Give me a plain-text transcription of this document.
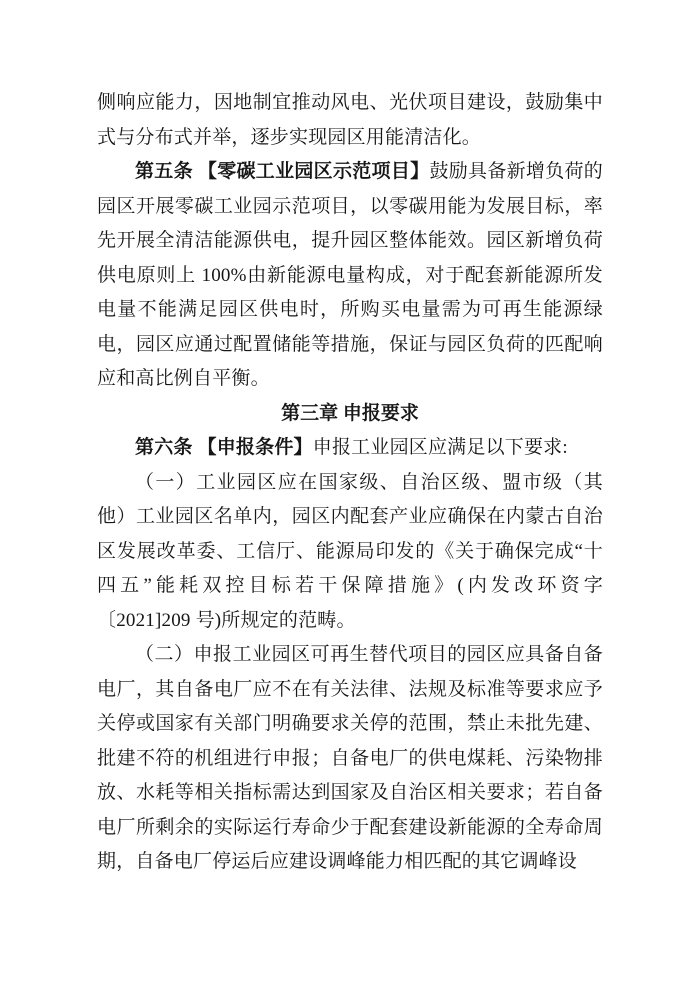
侧响应能力，因地制宜推动风电、光伏项目建设，鼓励集中式与分布式并举，逐步实现园区用能清洁化。

第五条 【零碳工业园区示范项目】鼓励具备新增负荷的园区开展零碳工业园示范项目，以零碳用能为发展目标，率先开展全清洁能源供电，提升园区整体能效。园区新增负荷供电原则上 100%由新能源电量构成，对于配套新能源所发电量不能满足园区供电时，所购买电量需为可再生能源绿电，园区应通过配置储能等措施，保证与园区负荷的匹配响应和高比例自平衡。

第三章 申报要求

第六条 【申报条件】申报工业园区应满足以下要求:

（一）工业园区应在国家级、自治区级、盟市级（其他）工业园区名单内，园区内配套产业应确保在内蒙古自治区发展改革委、工信厅、能源局印发的《关于确保完成“十四五”能耗双控目标若干保障措施》(内发改环资字〔2021]209 号)所规定的范畴。

（二）申报工业园区可再生替代项目的园区应具备自备电厂，其自备电厂应不在有关法律、法规及标准等要求应予关停或国家有关部门明确要求关停的范围，禁止未批先建、批建不符的机组进行申报；自备电厂的供电煤耗、污染物排放、水耗等相关指标需达到国家及自治区相关要求；若自备电厂所剩余的实际运行寿命少于配套建设新能源的全寿命周期，自备电厂停运后应建设调峰能力相匹配的其它调峰设
